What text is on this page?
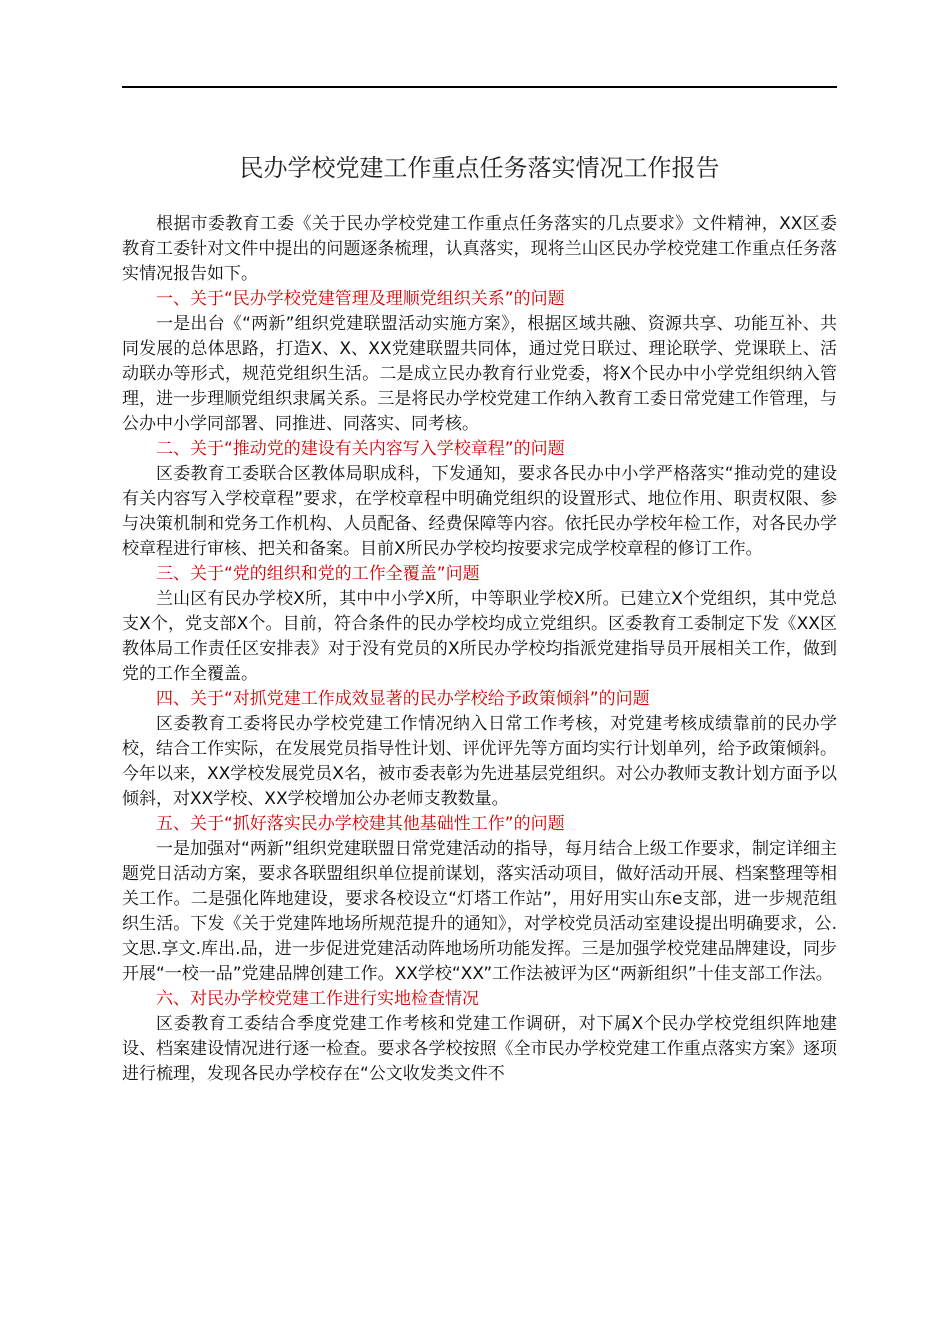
民办学校党建工作重点任务落实情况工作报告

根据市委教育工委《关于民办学校党建工作重点任务落实的几点要求》文件精神，XX区委教育工委针对文件中提出的问题逐条梳理，认真落实，现将兰山区民办学校党建工作重点任务落实情况报告如下。

一、关于“民办学校党建管理及理顺党组织关系”的问题

一是出台《“两新”组织党建联盟活动实施方案》，根据区域共融、资源共享、功能互补、共同发展的总体思路，打造X、X、XX党建联盟共同体，通过党日联过、理论联学、党课联上、活动联办等形式，规范党组织生活。二是成立民办教育行业党委，将X个民办中小学党组织纳入管理，进一步理顺党组织隶属关系。三是将民办学校党建工作纳入教育工委日常党建工作管理，与公办中小学同部署、同推进、同落实、同考核。

二、关于“推动党的建设有关内容写入学校章程”的问题

区委教育工委联合区教体局职成科，下发通知，要求各民办中小学严格落实“推动党的建设有关内容写入学校章程”要求，在学校章程中明确党组织的设置形式、地位作用、职责权限、参与决策机制和党务工作机构、人员配备、经费保障等内容。依托民办学校年检工作，对各民办学校章程进行审核、把关和备案。目前X所民办学校均按要求完成学校章程的修订工作。

三、关于“党的组织和党的工作全覆盖”问题

兰山区有民办学校X所，其中中小学X所，中等职业学校X所。已建立X个党组织，其中党总支X个，党支部X个。目前，符合条件的民办学校均成立党组织。区委教育工委制定下发《XX区教体局工作责任区安排表》对于没有党员的X所民办学校均指派党建指导员开展相关工作，做到党的工作全覆盖。

四、关于“对抓党建工作成效显著的民办学校给予政策倾斜”的问题

区委教育工委将民办学校党建工作情况纳入日常工作考核，对党建考核成绩靠前的民办学校，结合工作实际，在发展党员指导性计划、评优评先等方面均实行计划单列，给予政策倾斜。今年以来，XX学校发展党员X名，被市委表彰为先进基层党组织。对公办教师支教计划方面予以倾斜，对XX学校、XX学校增加公办老师支教数量。

五、关于“抓好落实民办学校建其他基础性工作”的问题

一是加强对“两新”组织党建联盟日常党建活动的指导，每月结合上级工作要求，制定详细主题党日活动方案，要求各联盟组织单位提前谋划，落实活动项目，做好活动开展、档案整理等相关工作。二是强化阵地建设，要求各校设立“灯塔工作站”，用好用实山东e支部，进一步规范组织生活。下发《关于党建阵地场所规范提升的通知》，对学校党员活动室建设提出明确要求，公.文思.享文.库出.品，进一步促进党建活动阵地场所功能发挥。三是加强学校党建品牌建设，同步开展“一校一品”党建品牌创建工作。XX学校“XX”工作法被评为区“两新组织”十佳支部工作法。

六、对民办学校党建工作进行实地检查情况

区委教育工委结合季度党建工作考核和党建工作调研，对下属X个民办学校党组织阵地建设、档案建设情况进行逐一检查。要求各学校按照《全市民办学校党建工作重点落实方案》逐项进行梳理，发现各民办学校存在“公文收发类文件不
